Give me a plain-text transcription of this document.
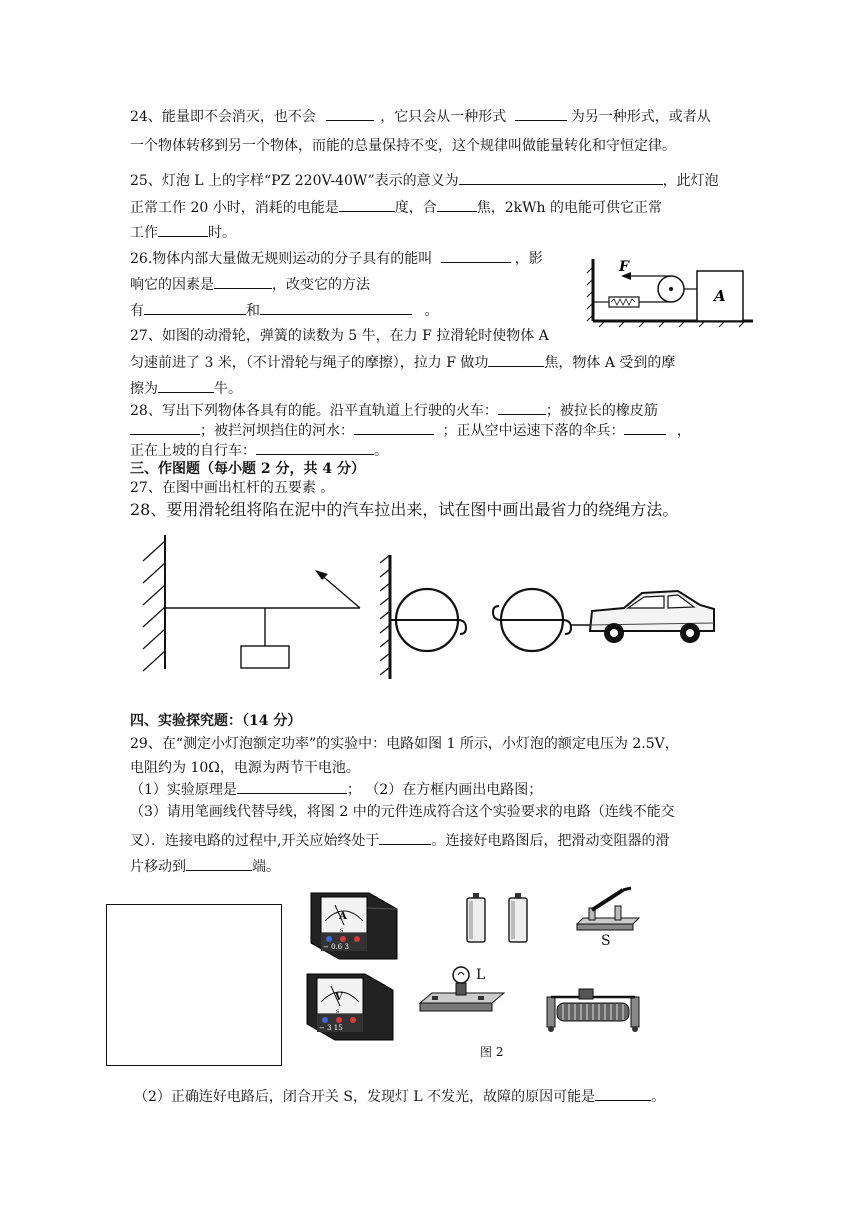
24、能量即不会消灭，也不会	，它只会从一种形式	为另一种形式，或者从
一个物体转移到另一个物体，而能的总量保持不变，这个规律叫做能量转化和守恒定律。
25、灯泡 L 上的字样“PZ 220V-40W”表示的意义为	，此灯泡
正常工作 20 小时，消耗的电能是	度，合	焦，2kWh 的电能可供它正常
工作	时。
26.物体内部大量做无规则运动的分子具有的能叫	，影
响它的因素是	，改变它的方法
有	和	。
F
A
27、如图的动滑轮，弹簧的读数为 5 牛，在力 F 拉滑轮时使物体 A
匀速前进了 3 米，（不计滑轮与绳子的摩擦），拉力 F 做功	焦，物体 A 受到的摩
擦为	牛。
28、写出下列物体各具有的能。沿平直轨道上行驶的火车：	；被拉长的橡皮筋
；被拦河坝挡住的河水：	；正从空中运速下落的伞兵：	，
正在上坡的自行车：	。
三、作图题（每小题 2 分，共 4 分）
27、在图中画出杠杆的五要素 。
28、要用滑轮组将陷在泥中的汽车拉出来，试在图中画出最省力的绕绳方法。
四、实验探究题：（14 分）
29、在“测定小灯泡额定功率”的实验中：电路如图 1 所示，小灯泡的额定电压为 2.5V，
电阻约为 10Ω，电源为两节干电池。
（1）实验原理是	； （2）在方框内画出电路图；
（3）请用笔画线代替导线，将图 2 中的元件连成符合这个实验要求的电路（连线不能交
叉）．连接电路的过程中,开关应始终处于	。连接好电路图后，把滑动变阻器的滑
片移动到	端。
A
S
− 0.6 3
V
S
− 3 15
S
L
图 2
（2）正确连好电路后，闭合开关 S，发现灯 L 不发光，故障的原因可能是	。
